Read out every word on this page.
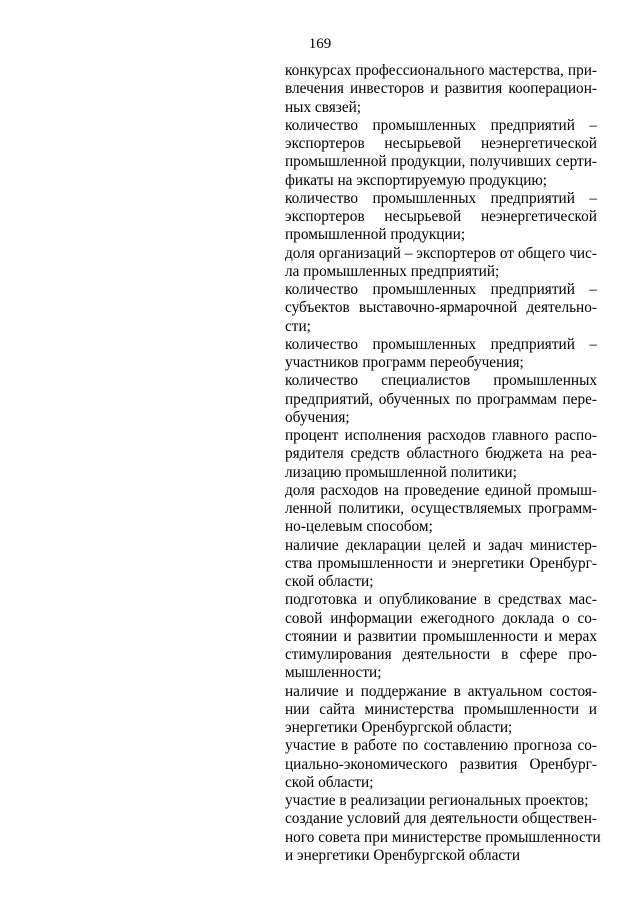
169

конкурсах профессионального мастерства, при-
влечения инвесторов и развития кооперацион-
ных связей;
количество промышленных предприятий –
экспортеров несырьевой неэнергетической
промышленной продукции, получивших серти-
фикаты на экспортируемую продукцию;
количество промышленных предприятий –
экспортеров несырьевой неэнергетической
промышленной продукции;
доля организаций – экспортеров от общего чис-
ла промышленных предприятий;
количество промышленных предприятий –
субъектов выставочно-ярмарочной деятельно-
сти;
количество промышленных предприятий –
участников программ переобучения;
количество специалистов промышленных
предприятий, обученных по программам пере-
обучения;
процент исполнения расходов главного распо-
рядителя средств областного бюджета на реа-
лизацию промышленной политики;
доля расходов на проведение единой промыш-
ленной политики, осуществляемых программ-
но-целевым способом;
наличие декларации целей и задач министер-
ства промышленности и энергетики Оренбург-
ской области;
подготовка и опубликование в средствах мас-
совой информации ежегодного доклада о со-
стоянии и развитии промышленности и мерах
стимулирования деятельности в сфере про-
мышленности;
наличие и поддержание в актуальном состоя-
нии сайта министерства промышленности и
энергетики Оренбургской области;
участие в работе по составлению прогноза со-
циально-экономического развития Оренбург-
ской области;
участие в реализации региональных проектов;
создание условий для деятельности обществен-
ного совета при министерстве промышленности
и энергетики Оренбургской области
